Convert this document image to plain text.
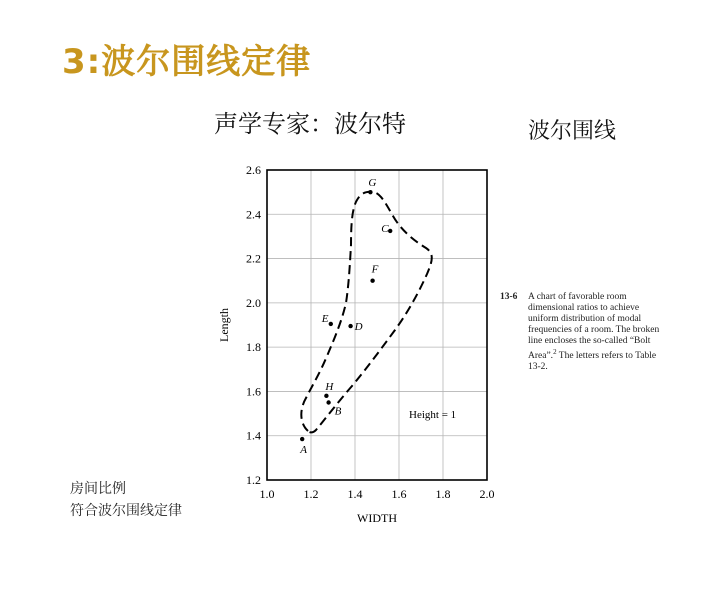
3:波尔围线定律
声学专家：波尔特	波尔围线
A
B
H
E
D
F
C
G
1.0 1.2 1.4 1.6 1.8 2.0
1.2
1.4
1.6
1.8
2.0
2.2
2.4
2.6
WIDTH
Length
Height = 1
13-6 A chart of favorable room dimensional ratios to achieve uniform distribution of modal frequencies of a room. The broken line encloses the so-called “Bolt Area”.$^2$ The letters refers to Table 13-2.
房间比例
符合波尔围线定律
